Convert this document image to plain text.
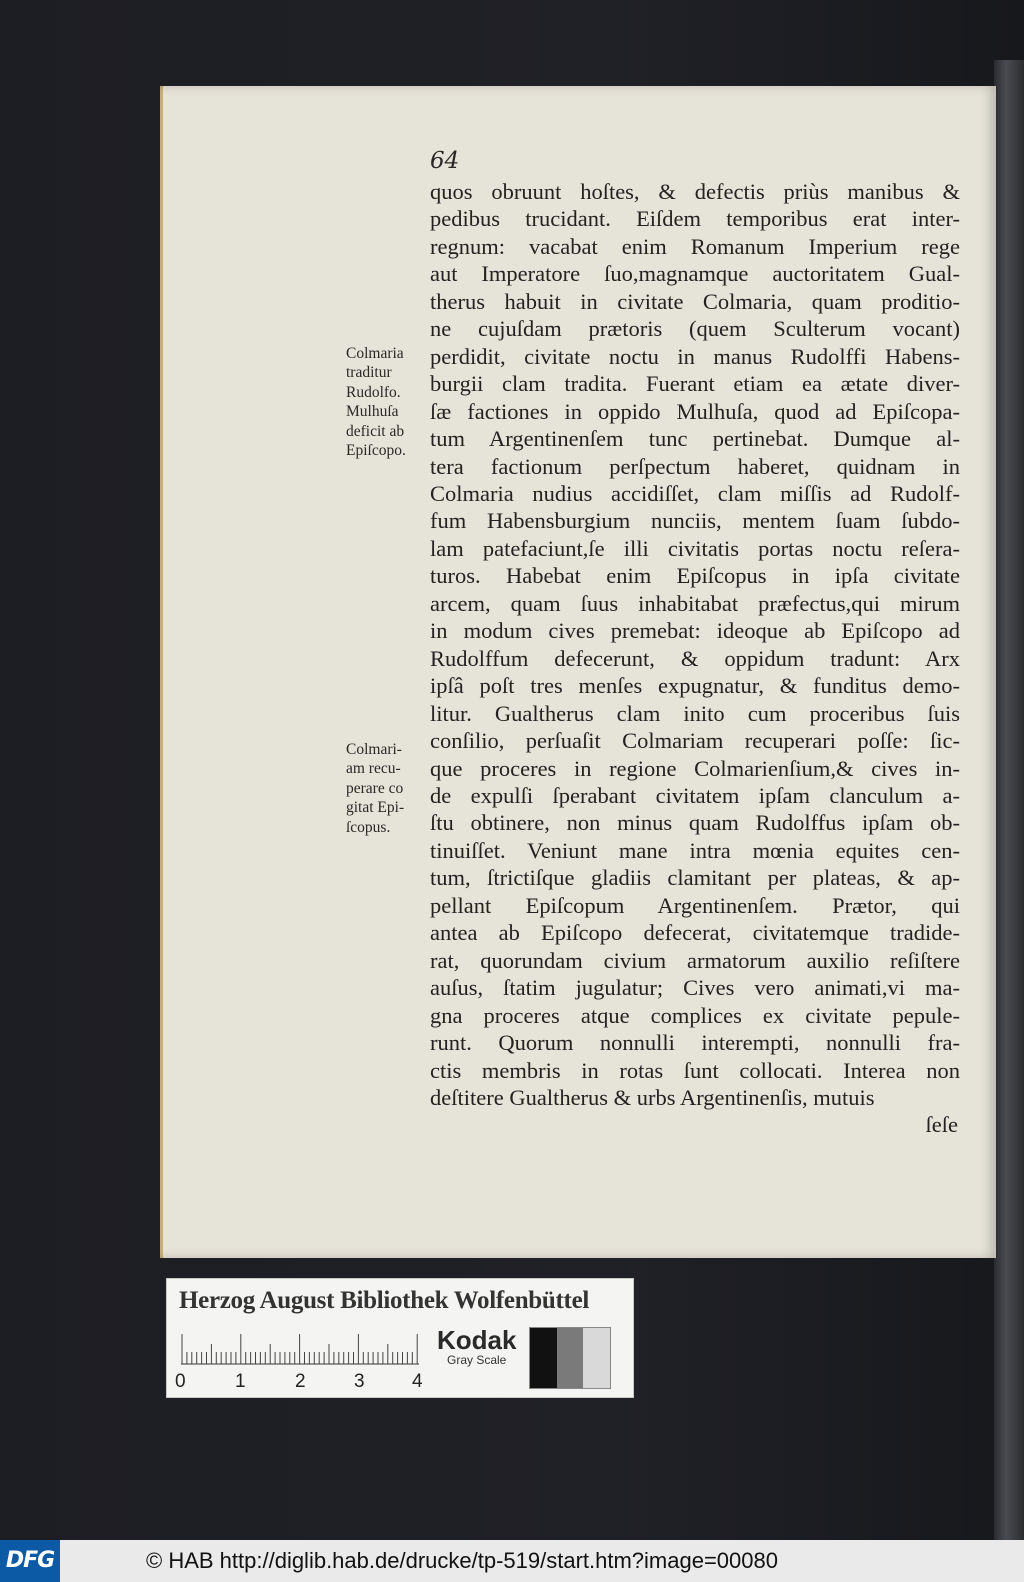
64
Colmaria
traditur
Rudolfo.
Mulhuſa
deficit ab
Epiſcopo.
Colmari-
am recu-
perare co
gitat Epi-
ſcopus.
quos obruunt hoſtes, & defectis priùs manibus &
pedibus trucidant. Eiſdem temporibus erat inter-
regnum: vacabat enim Romanum Imperium rege
aut Imperatore ſuo,magnamque auctoritatem Gual-
therus habuit in civitate Colmaria, quam proditio-
ne cujuſdam prætoris (quem Sculterum vocant)
perdidit, civitate noctu in manus Rudolffi Habens-
burgii clam tradita. Fuerant etiam ea ætate diver-
ſæ factiones in oppido Mulhuſa, quod ad Epiſcopa-
tum Argentinenſem tunc pertinebat. Dumque al-
tera factionum perſpectum haberet, quidnam in
Colmaria nudius accidiſſet, clam miſſis ad Rudolf-
fum Habensburgium nunciis, mentem ſuam ſubdo-
lam patefaciunt,ſe illi civitatis portas noctu reſera-
turos. Habebat enim Epiſcopus in ipſa civitate
arcem, quam ſuus inhabitabat præfectus,qui mirum
in modum cives premebat: ideoque ab Epiſcopo ad
Rudolffum defecerunt, & oppidum tradunt: Arx
ipſâ poſt tres menſes expugnatur, & funditus demo-
litur. Gualtherus clam inito cum proceribus ſuis
conſilio, perſuaſit Colmariam recuperari poſſe: ſic-
que proceres in regione Colmarienſium,& cives in-
de expulſi ſperabant civitatem ipſam clanculum a-
ſtu obtinere, non minus quam Rudolffus ipſam ob-
tinuiſſet. Veniunt mane intra mœnia equites cen-
tum, ſtrictiſque gladiis clamitant per plateas, & ap-
pellant Epiſcopum Argentinenſem. Prætor, qui
antea ab Epiſcopo defecerat, civitatemque tradide-
rat, quorundam civium armatorum auxilio reſiſtere
auſus, ſtatim jugulatur; Cives vero animati,vi ma-
gna proceres atque complices ex civitate pepule-
runt. Quorum nonnulli interempti, nonnulli fra-
ctis membris in rotas ſunt collocati. Interea non
deſtitere Gualtherus & urbs Argentinenſis, mutuis
ſeſe
Herzog August Bibliothek Wolfenbüttel
0	1	2	3 4
Kodak
Gray Scale
DFG	© HAB http://diglib.hab.de/drucke/tp-519/start.htm?image=00080
